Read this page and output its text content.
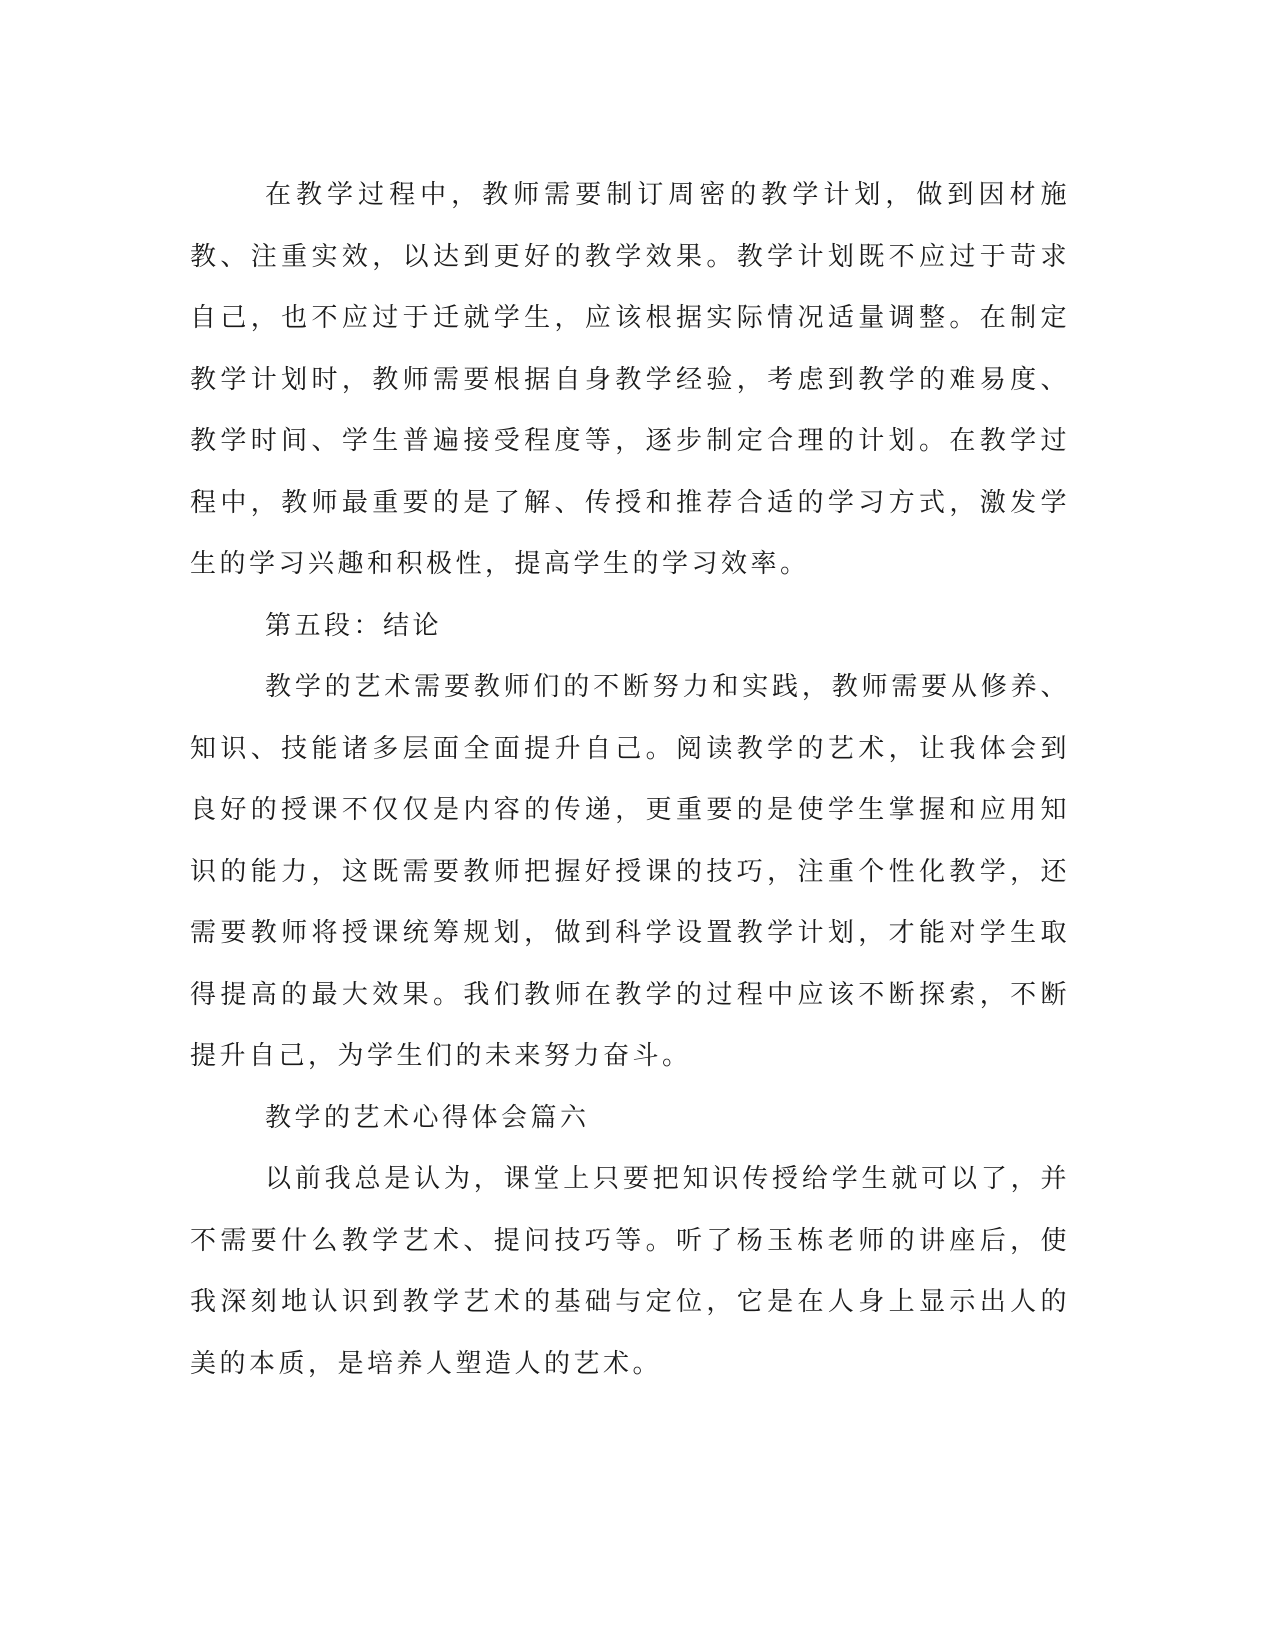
在教学过程中，教师需要制订周密的教学计划，做到因材施教、注重实效，以达到更好的教学效果。教学计划既不应过于苛求自己，也不应过于迁就学生，应该根据实际情况适量调整。在制定教学计划时，教师需要根据自身教学经验，考虑到教学的难易度、教学时间、学生普遍接受程度等，逐步制定合理的计划。在教学过程中，教师最重要的是了解、传授和推荐合适的学习方式，激发学生的学习兴趣和积极性，提高学生的学习效率。

第五段：结论

教学的艺术需要教师们的不断努力和实践，教师需要从修养、知识、技能诸多层面全面提升自己。阅读教学的艺术，让我体会到良好的授课不仅仅是内容的传递，更重要的是使学生掌握和应用知识的能力，这既需要教师把握好授课的技巧，注重个性化教学，还需要教师将授课统筹规划，做到科学设置教学计划，才能对学生取得提高的最大效果。我们教师在教学的过程中应该不断探索，不断提升自己，为学生们的未来努力奋斗。

教学的艺术心得体会篇六

以前我总是认为，课堂上只要把知识传授给学生就可以了，并不需要什么教学艺术、提问技巧等。听了杨玉栋老师的讲座后，使我深刻地认识到教学艺术的基础与定位，它是在人身上显示出人的美的本质，是培养人塑造人的艺术。
